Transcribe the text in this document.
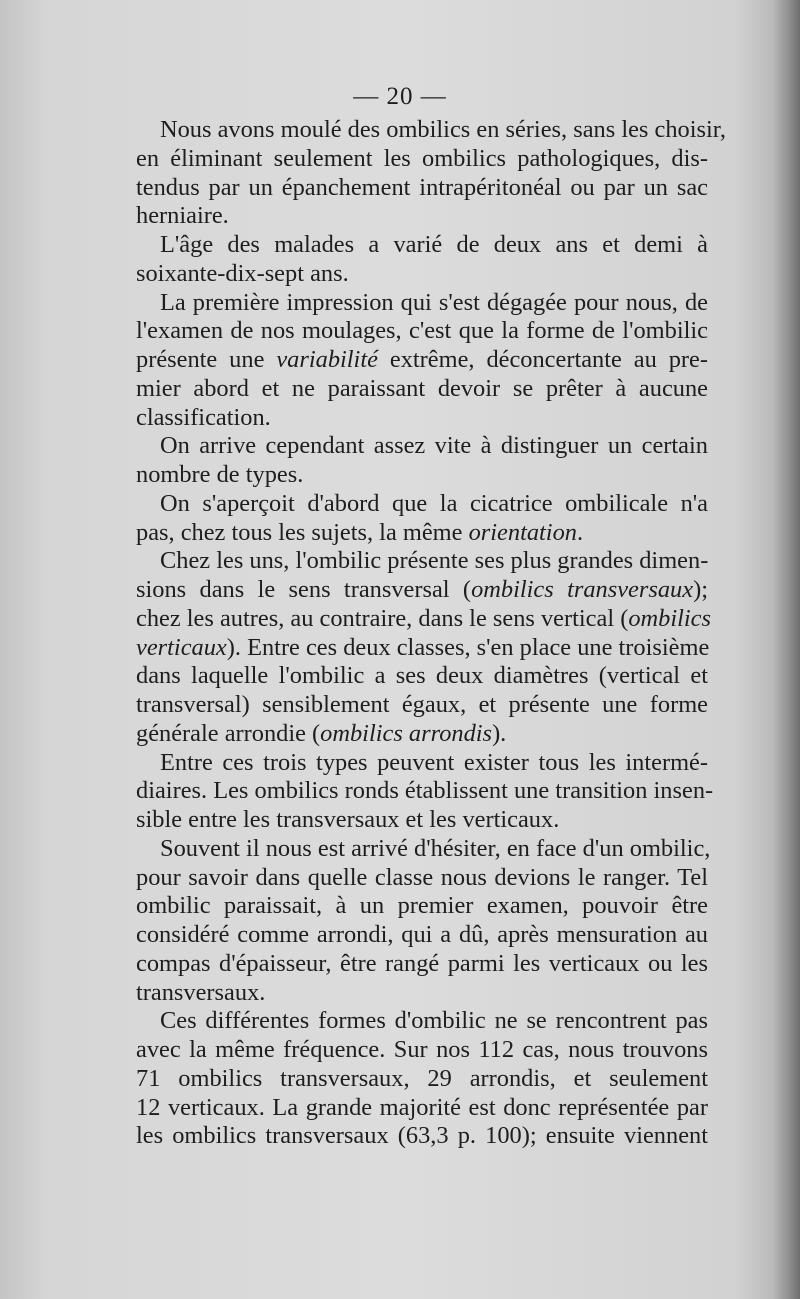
— 20 —
Nous avons moulé des ombilics en séries, sans les choisir,
en éliminant seulement les ombilics pathologiques, dis-
tendus par un épanchement intrapéritonéal ou par un sac
herniaire.
L'âge des malades a varié de deux ans et demi à
soixante-dix-sept ans.
La première impression qui s'est dégagée pour nous, de
l'examen de nos moulages, c'est que la forme de l'ombilic
présente une variabilité extrême, déconcertante au pre-
mier abord et ne paraissant devoir se prêter à aucune
classification.
On arrive cependant assez vite à distinguer un certain
nombre de types.
On s'aperçoit d'abord que la cicatrice ombilicale n'a
pas, chez tous les sujets, la même orientation.
Chez les uns, l'ombilic présente ses plus grandes dimen-
sions dans le sens transversal (ombilics transversaux);
chez les autres, au contraire, dans le sens vertical (ombilics
verticaux). Entre ces deux classes, s'en place une troisième
dans laquelle l'ombilic a ses deux diamètres (vertical et
transversal) sensiblement égaux, et présente une forme
générale arrondie (ombilics arrondis).
Entre ces trois types peuvent exister tous les intermé-
diaires. Les ombilics ronds établissent une transition insen-
sible entre les transversaux et les verticaux.
Souvent il nous est arrivé d'hésiter, en face d'un ombilic,
pour savoir dans quelle classe nous devions le ranger. Tel
ombilic paraissait, à un premier examen, pouvoir être
considéré comme arrondi, qui a dû, après mensuration au
compas d'épaisseur, être rangé parmi les verticaux ou les
transversaux.
Ces différentes formes d'ombilic ne se rencontrent pas
avec la même fréquence. Sur nos 112 cas, nous trouvons
71 ombilics transversaux, 29 arrondis, et seulement
12 verticaux. La grande majorité est donc représentée par
les ombilics transversaux (63,3 p. 100); ensuite viennent
